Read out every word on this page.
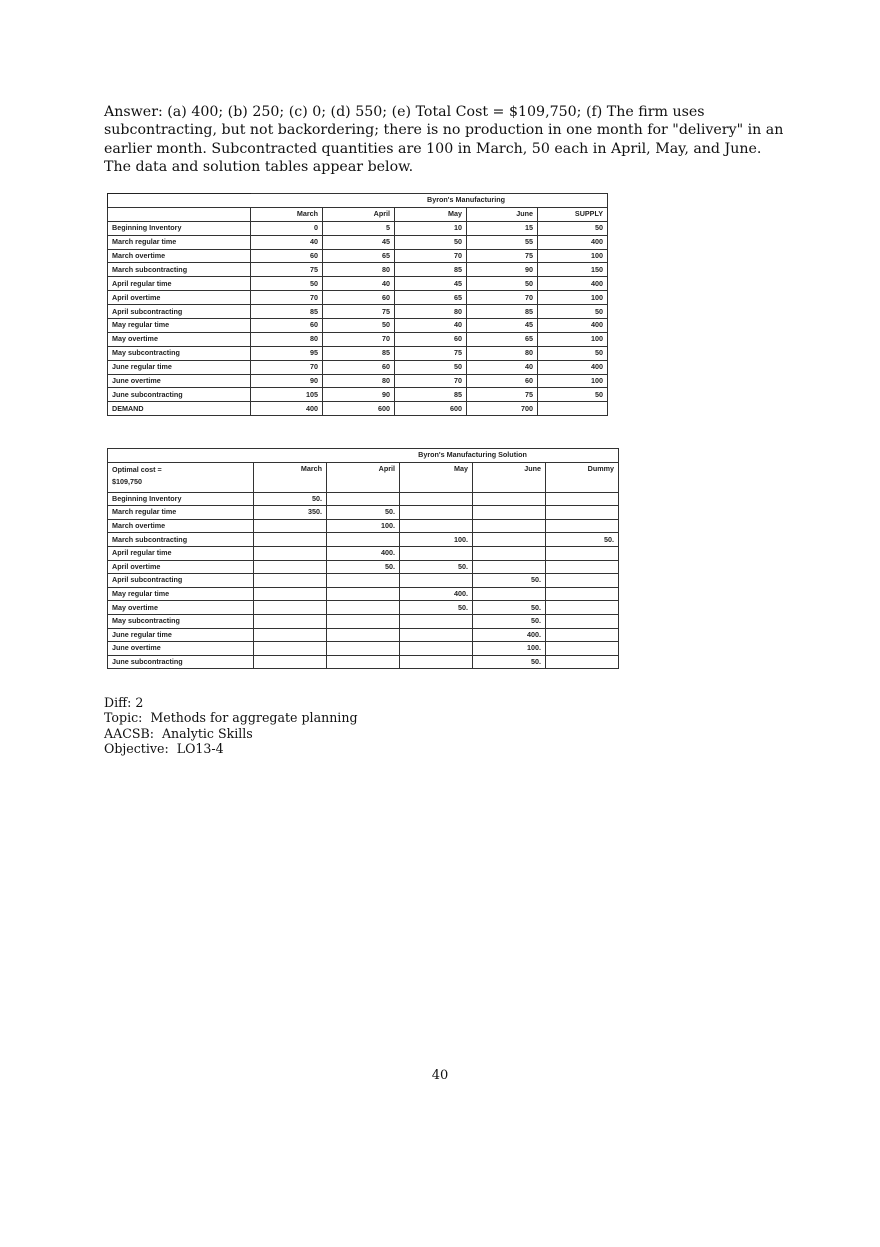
Answer: (a) 400; (b) 250; (c) 0; (d) 550; (e) Total Cost = $109,750; (f) The firm uses subcontracting, but not backordering; there is no production in one month for "delivery" in an earlier month. Subcontracted quantities are 100 in March, 50 each in April, May, and June. The data and solution tables appear below.
			Byron's Manufacturing		
	March	April	May	June	SUPPLY
Beginning Inventory	0	5	10	15	50
March regular time	40	45	50	55	400
March overtime	60	65	70	75	100
March subcontracting	75	80	85	90	150
April regular time	50	40	45	50	400
April overtime	70	60	65	70	100
April subcontracting	85	75	80	85	50
May regular time	60	50	40	45	400
May overtime	80	70	60	65	100
May subcontracting	95	85	75	80	50
June regular time	70	60	50	40	400
June overtime	90	80	70	60	100
June subcontracting	105	90	85	75	50
DEMAND	400	600	600	700	
			Byron's Manufacturing Solution		
Optimal cost =
$109,750	March	April	May	June	Dummy
Beginning Inventory	50.				
March regular time	350.	50.			
March overtime		100.			
March subcontracting			100.		50.
April regular time		400.			
April overtime		50.	50.		
April subcontracting				50.	
May regular time			400.		
May overtime			50.	50.	
May subcontracting				50.	
June regular time				400.	
June overtime				100.	
June subcontracting				50.	
Diff: 2
Topic:  Methods for aggregate planning
AACSB:  Analytic Skills
Objective:  LO13-4
40
